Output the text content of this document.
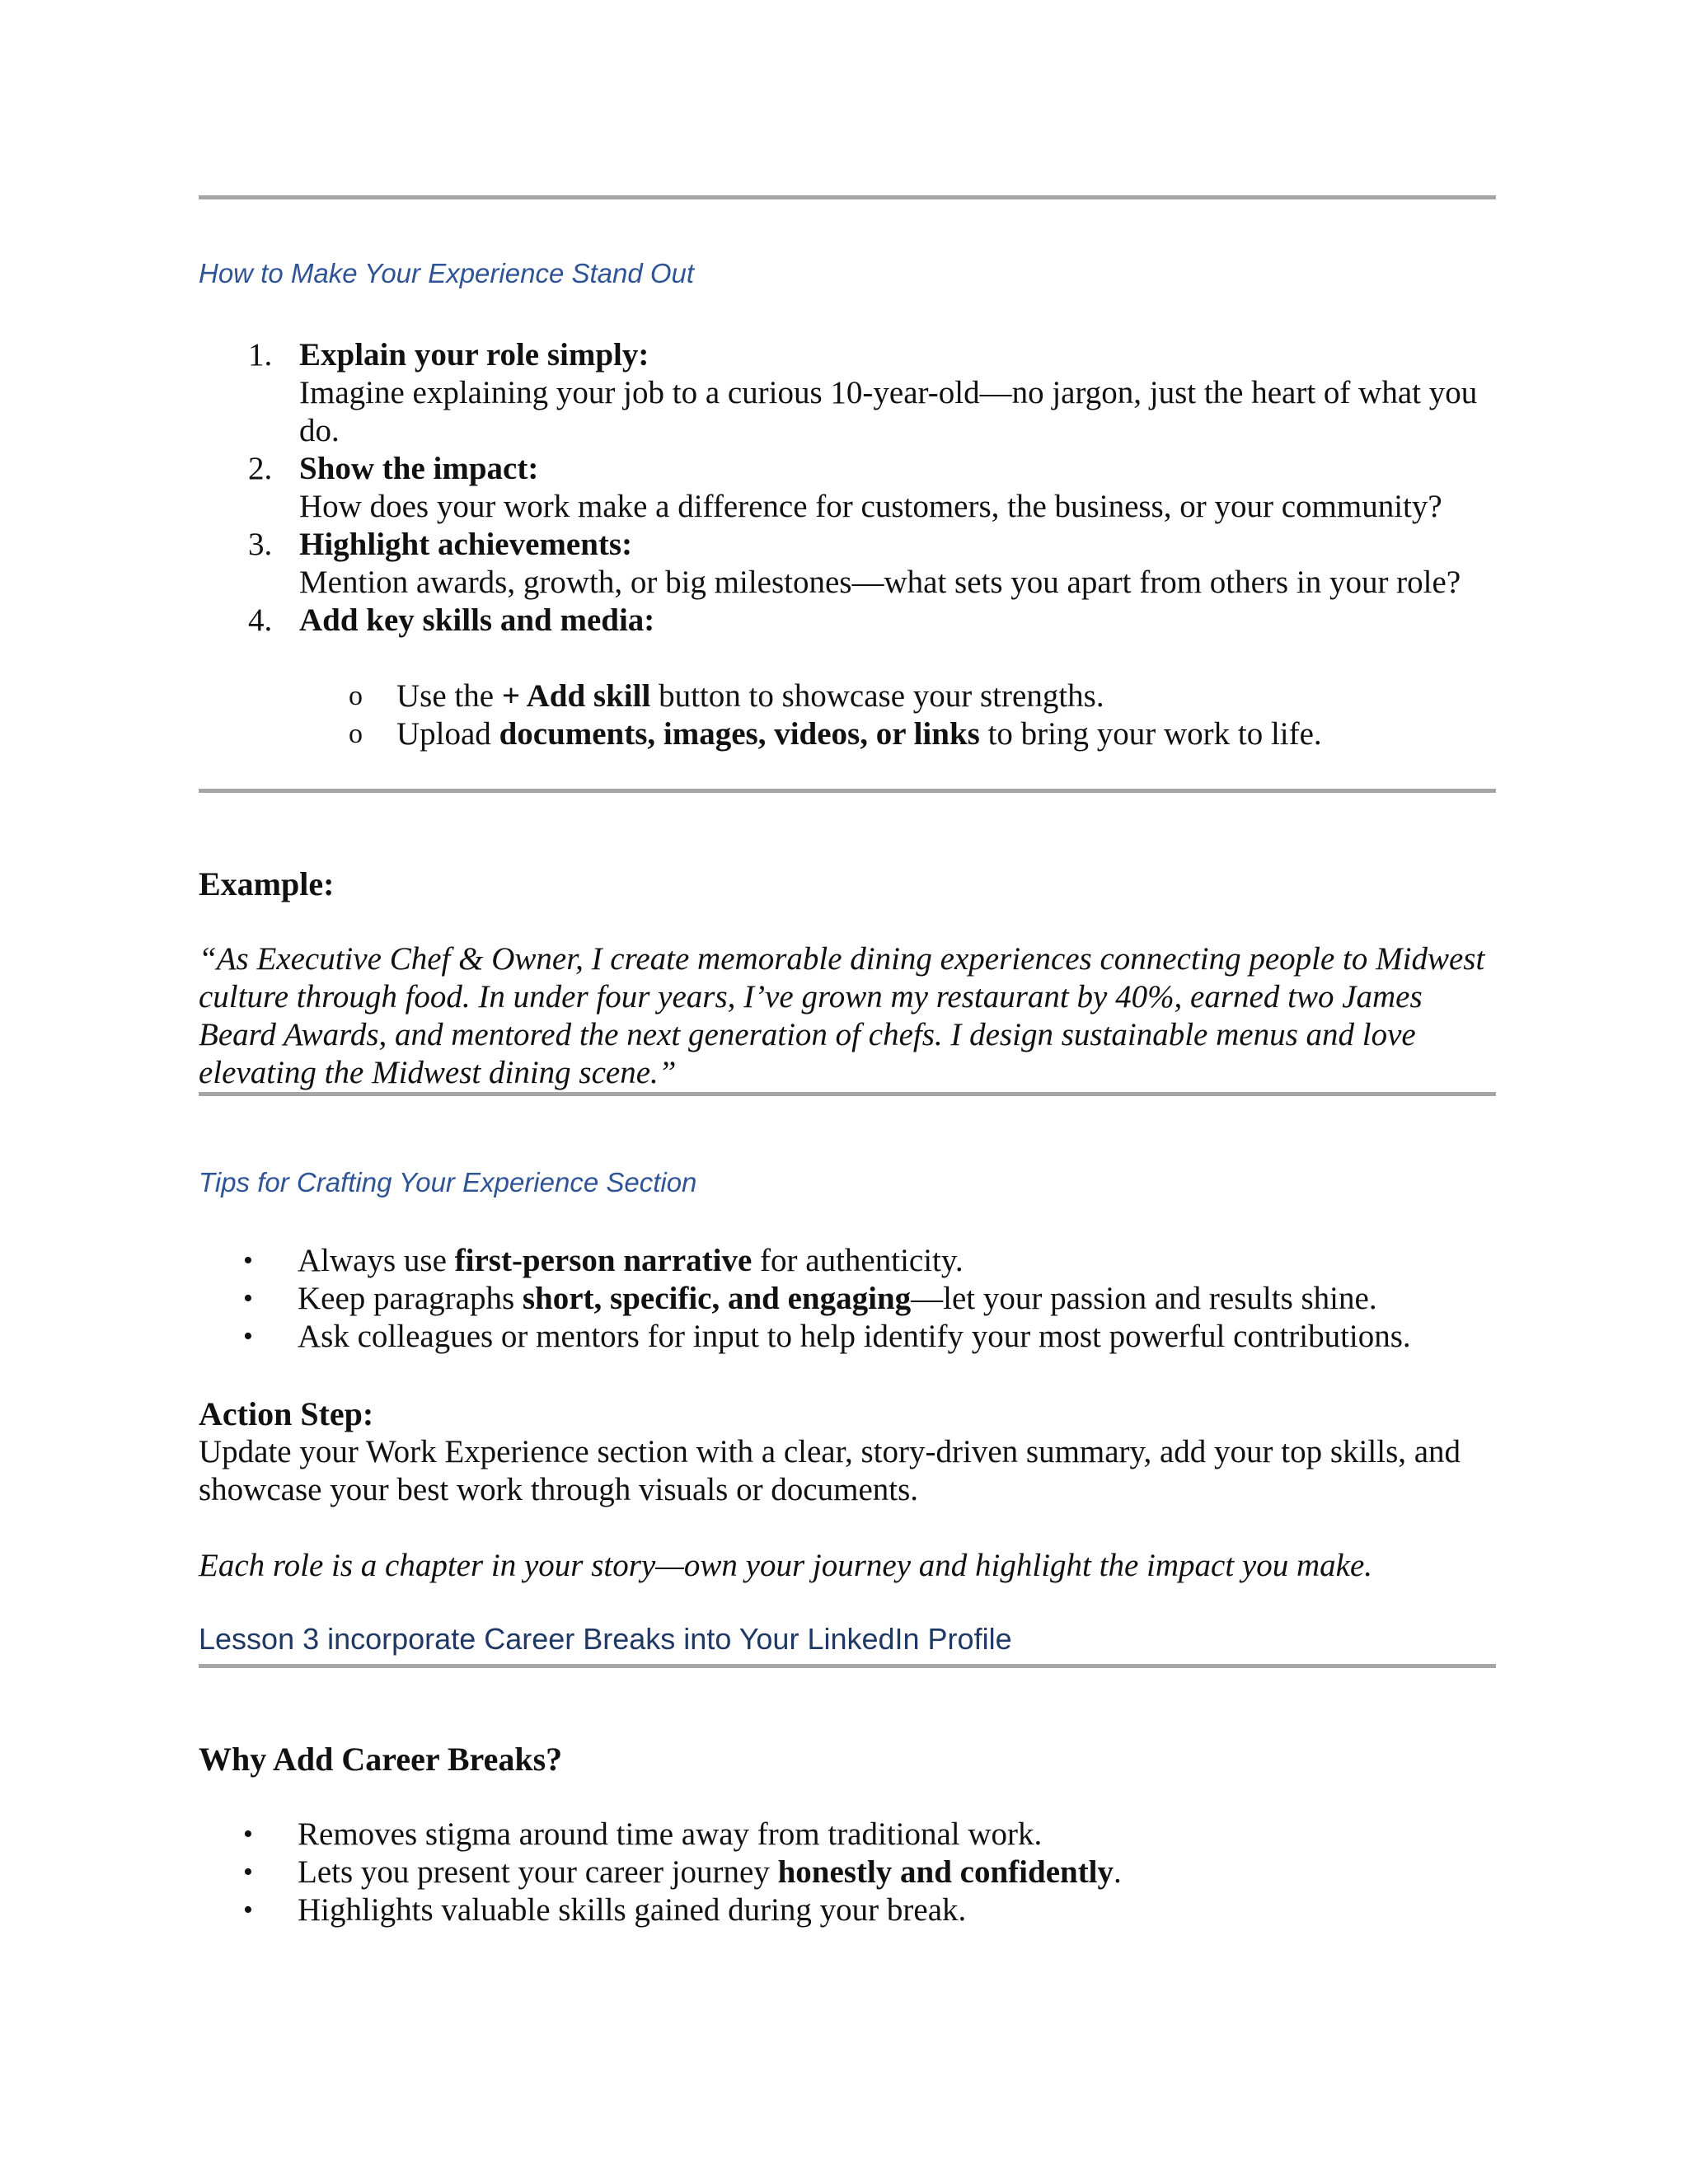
How to Make Your Experience Stand Out
1. Explain your role simply:
Imagine explaining your job to a curious 10-year-old—no jargon, just the heart of what you do.
2. Show the impact:
How does your work make a difference for customers, the business, or your community?
3. Highlight achievements:
Mention awards, growth, or big milestones—what sets you apart from others in your role?
4. Add key skills and media:
o Use the + Add skill button to showcase your strengths.
o Upload documents, images, videos, or links to bring your work to life.

Example:

“As Executive Chef & Owner, I create memorable dining experiences connecting people to Midwest culture through food. In under four years, I’ve grown my restaurant by 40%, earned two James Beard Awards, and mentored the next generation of chefs. I design sustainable menus and love elevating the Midwest dining scene.”

Tips for Crafting Your Experience Section
• Always use first-person narrative for authenticity.
• Keep paragraphs short, specific, and engaging—let your passion and results shine.
• Ask colleagues or mentors for input to help identify your most powerful contributions.

Action Step:

Update your Work Experience section with a clear, story-driven summary, add your top skills, and showcase your best work through visuals or documents.

Each role is a chapter in your story—own your journey and highlight the impact you make.

Lesson 3 incorporate Career Breaks into Your LinkedIn Profile

Why Add Career Breaks?

• Removes stigma around time away from traditional work.
• Lets you present your career journey honestly and confidently.
• Highlights valuable skills gained during your break.
